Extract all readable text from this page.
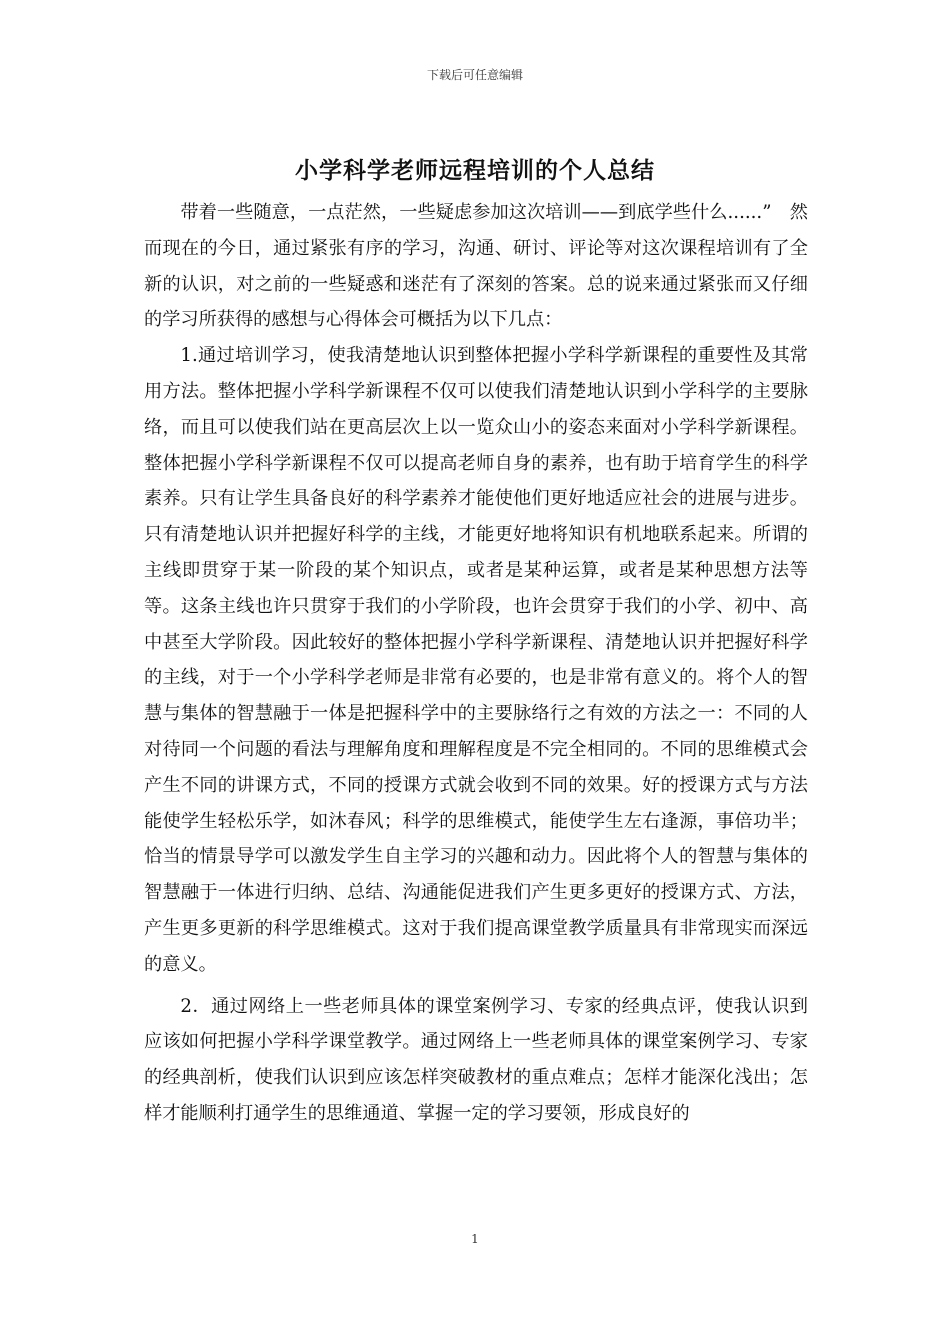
下载后可任意编辑
小学科学老师远程培训的个人总结

带着一些随意，一点茫然，一些疑虑参加这次培训——到底学些什么......”　然而现在的今日，通过紧张有序的学习，沟通、研讨、评论等对这次课程培训有了全新的认识，对之前的一些疑惑和迷茫有了深刻的答案。总的说来通过紧张而又仔细的学习所获得的感想与心得体会可概括为以下几点：

1.通过培训学习，使我清楚地认识到整体把握小学科学新课程的重要性及其常用方法。整体把握小学科学新课程不仅可以使我们清楚地认识到小学科学的主要脉络，而且可以使我们站在更高层次上以一览众山小的姿态来面对小学科学新课程。整体把握小学科学新课程不仅可以提高老师自身的素养，也有助于培育学生的科学素养。只有让学生具备良好的科学素养才能使他们更好地适应社会的进展与进步。只有清楚地认识并把握好科学的主线，才能更好地将知识有机地联系起来。所谓的主线即贯穿于某一阶段的某个知识点，或者是某种运算，或者是某种思想方法等等。这条主线也许只贯穿于我们的小学阶段，也许会贯穿于我们的小学、初中、高中甚至大学阶段。因此较好的整体把握小学科学新课程、清楚地认识并把握好科学的主线，对于一个小学科学老师是非常有必要的，也是非常有意义的。将个人的智慧与集体的智慧融于一体是把握科学中的主要脉络行之有效的方法之一：不同的人对待同一个问题的看法与理解角度和理解程度是不完全相同的。不同的思维模式会产生不同的讲课方式，不同的授课方式就会收到不同的效果。好的授课方式与方法能使学生轻松乐学，如沐春风；科学的思维模式，能使学生左右逢源，事倍功半；恰当的情景导学可以激发学生自主学习的兴趣和动力。因此将个人的智慧与集体的智慧融于一体进行归纳、总结、沟通能促进我们产生更多更好的授课方式、方法，产生更多更新的科学思维模式。这对于我们提高课堂教学质量具有非常现实而深远的意义。

2．通过网络上一些老师具体的课堂案例学习、专家的经典点评，使我认识到应该如何把握小学科学课堂教学。通过网络上一些老师具体的课堂案例学习、专家的经典剖析，使我们认识到应该怎样突破教材的重点难点；怎样才能深化浅出；怎样才能顺利打通学生的思维通道、掌握一定的学习要领，形成良好的

1
